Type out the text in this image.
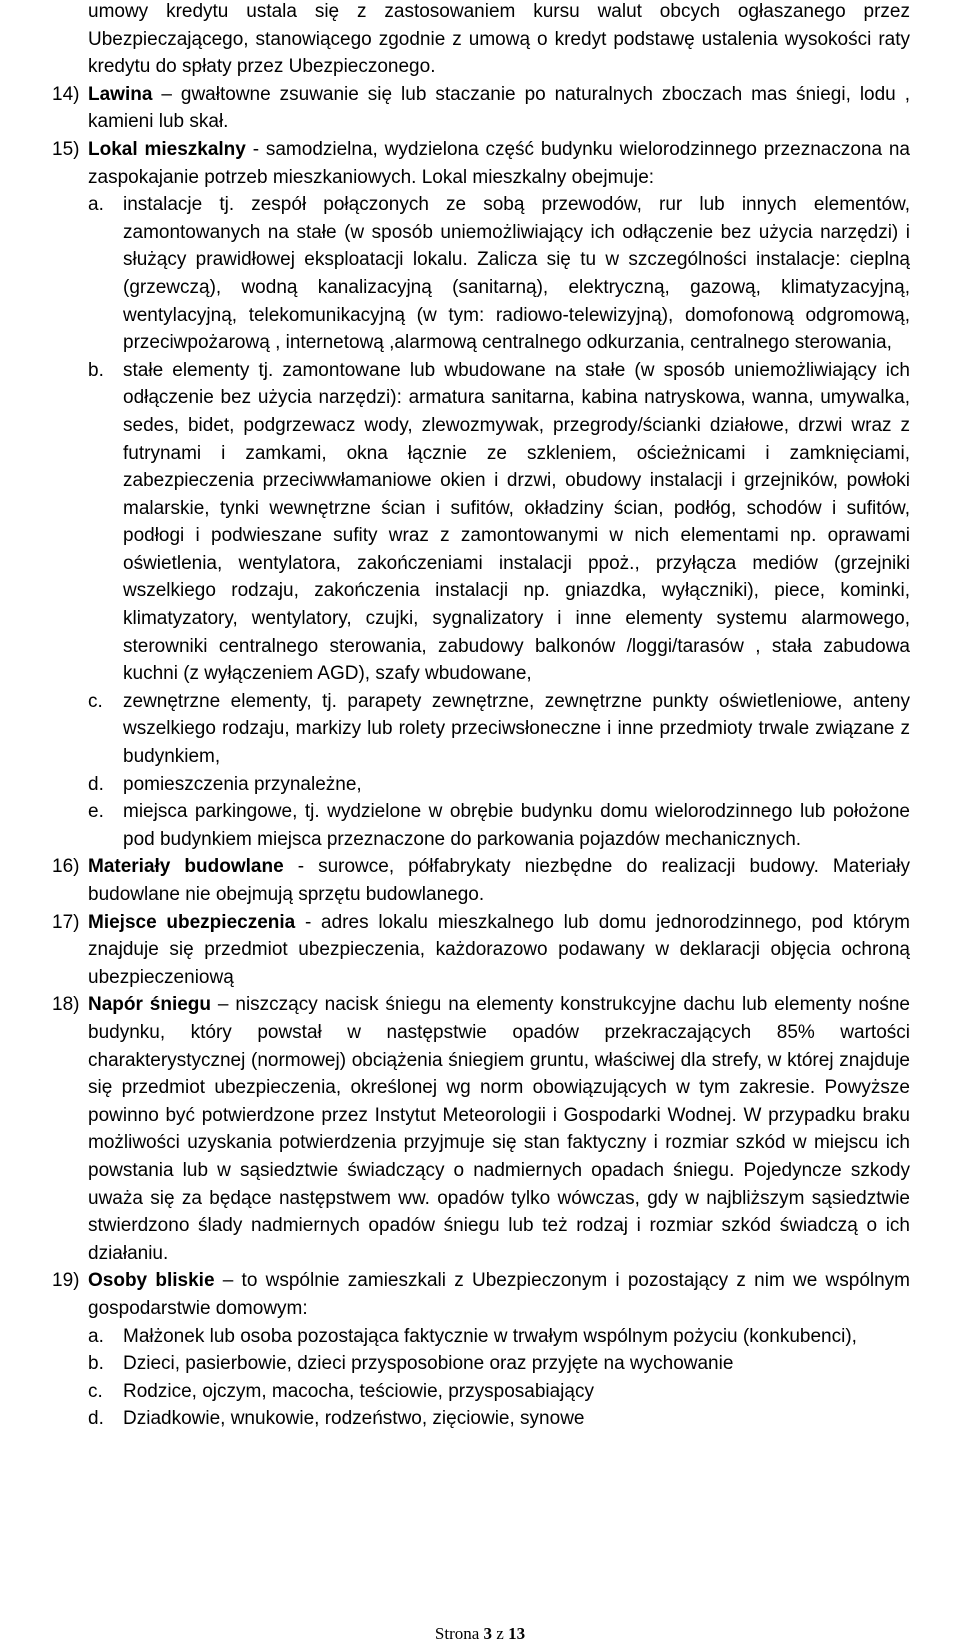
umowy kredytu ustala się z zastosowaniem kursu walut obcych ogłaszanego przez Ubezpieczającego, stanowiącego zgodnie z umową o kredyt podstawę ustalenia wysokości raty kredytu do spłaty przez Ubezpieczonego.
14) Lawina – gwałtowne zsuwanie się lub staczanie po naturalnych zboczach mas śniegi, lodu , kamieni lub skał.
15) Lokal mieszkalny - samodzielna, wydzielona część budynku wielorodzinnego przeznaczona na zaspokajanie potrzeb mieszkaniowych. Lokal mieszkalny obejmuje:
a.	instalacje tj. zespół połączonych ze sobą przewodów, rur lub innych elementów, zamontowanych na stałe (w sposób uniemożliwiający ich odłączenie bez użycia narzędzi) i służący prawidłowej eksploatacji lokalu. Zalicza się tu w szczególności instalacje: cieplną (grzewczą), wodną kanalizacyjną (sanitarną), elektryczną, gazową, klimatyzacyjną, wentylacyjną, telekomunikacyjną (w tym: radiowo-telewizyjną), domofonową odgromową, przeciwpożarową , internetową ,alarmową centralnego odkurzania, centralnego sterowania,
b.	stałe elementy tj. zamontowane lub wbudowane na stałe (w sposób uniemożliwiający ich odłączenie bez użycia narzędzi): armatura sanitarna, kabina natryskowa, wanna, umywalka, sedes, bidet, podgrzewacz wody, zlewozmywak, przegrody/ścianki działowe, drzwi wraz z futrynami i zamkami, okna łącznie ze szkleniem, ościeżnicami i zamknięciami, zabezpieczenia przeciwwłamaniowe okien i drzwi, obudowy instalacji i grzejników, powłoki malarskie, tynki wewnętrzne ścian i sufitów, okładziny ścian, podłóg, schodów i sufitów, podłogi i podwieszane sufity wraz z zamontowanymi w nich elementami np. oprawami oświetlenia, wentylatora, zakończeniami instalacji ppoż., przyłącza mediów (grzejniki wszelkiego rodzaju, zakończenia instalacji np. gniazdka, wyłączniki), piece, kominki, klimatyzatory, wentylatory, czujki, sygnalizatory i inne elementy systemu alarmowego, sterowniki centralnego sterowania, zabudowy balkonów /loggi/tarasów , stała zabudowa kuchni (z wyłączeniem AGD), szafy wbudowane,
c.	zewnętrzne elementy, tj. parapety zewnętrzne, zewnętrzne punkty oświetleniowe, anteny wszelkiego rodzaju, markizy lub rolety przeciwsłoneczne i inne przedmioty trwale związane z budynkiem,
d.	pomieszczenia przynależne,
e.	miejsca parkingowe, tj. wydzielone w obrębie budynku domu wielorodzinnego lub położone pod budynkiem miejsca przeznaczone do parkowania pojazdów mechanicznych.
16) Materiały budowlane - surowce, półfabrykaty niezbędne do realizacji budowy. Materiały budowlane nie obejmują sprzętu budowlanego.
17) Miejsce ubezpieczenia - adres lokalu mieszkalnego lub domu jednorodzinnego, pod którym znajduje się przedmiot ubezpieczenia, każdorazowo podawany w deklaracji objęcia ochroną ubezpieczeniową
18) Napór śniegu – niszczący nacisk śniegu na elementy konstrukcyjne dachu lub elementy nośne budynku, który powstał w następstwie opadów przekraczających 85% wartości charakterystycznej (normowej) obciążenia śniegiem gruntu, właściwej dla strefy, w której znajduje się przedmiot ubezpieczenia, określonej wg norm obowiązujących w tym zakresie. Powyższe powinno być potwierdzone przez Instytut Meteorologii i Gospodarki Wodnej. W przypadku braku możliwości uzyskania potwierdzenia przyjmuje się stan faktyczny i rozmiar szkód w miejscu ich powstania lub w sąsiedztwie świadczący o nadmiernych opadach śniegu. Pojedyncze szkody uważa się za będące następstwem ww. opadów tylko wówczas, gdy w najbliższym sąsiedztwie stwierdzono ślady nadmiernych opadów śniegu lub też rodzaj i rozmiar szkód świadczą o ich działaniu.
19) Osoby bliskie – to wspólnie zamieszkali z Ubezpieczonym i pozostający z nim we wspólnym gospodarstwie domowym:
a.	Małżonek lub osoba pozostająca faktycznie w trwałym wspólnym pożyciu (konkubenci),
b.	Dzieci, pasierbowie, dzieci przysposobione oraz przyjęte na wychowanie
c.	Rodzice, ojczym, macocha, teściowie, przysposabiający
d.	Dziadkowie, wnukowie, rodzeństwo, zięciowie, synowe
Strona 3 z 13
